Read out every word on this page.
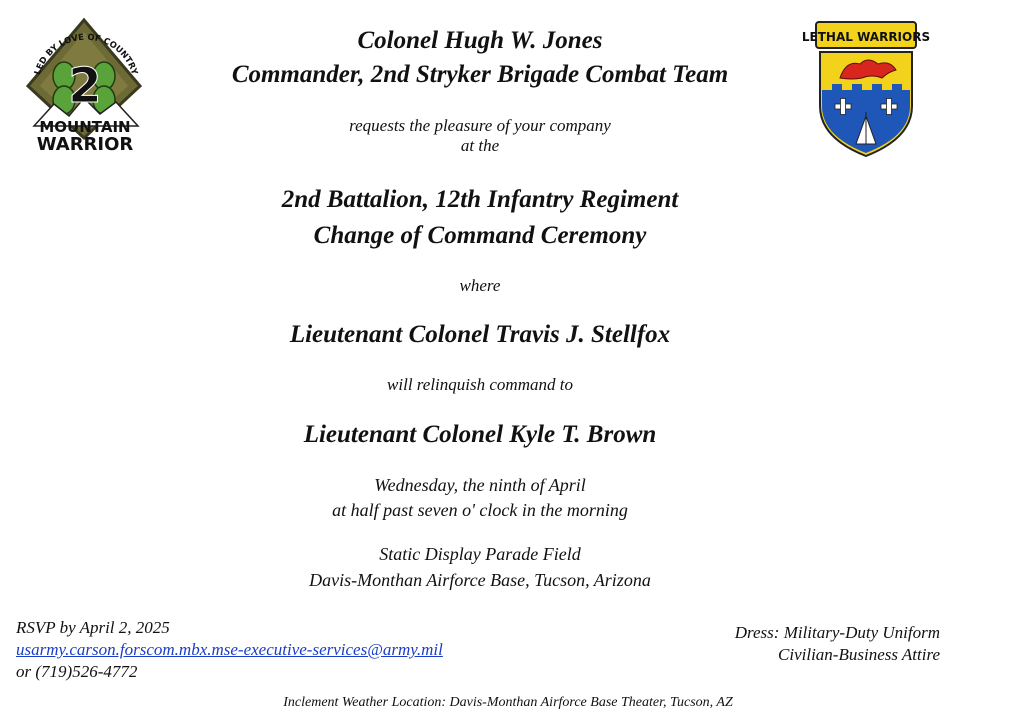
LED BY LOVE OF COUNTRY
2
MOUNTAIN
WARRIOR
LETHAL WARRIORS
Colonel Hugh W. Jones
Commander, 2nd Stryker Brigade Combat Team
requests the pleasure of your company
at the
2nd Battalion, 12th Infantry Regiment
Change of Command Ceremony
where
Lieutenant Colonel Travis J. Stellfox
will relinquish command to
Lieutenant Colonel Kyle T. Brown
Wednesday, the ninth of April
at half past seven o' clock in the morning
Static Display Parade Field
Davis-Monthan Airforce Base, Tucson, Arizona
RSVP by April 2, 2025
usarmy.carson.forscom.mbx.mse-executive-services@army.mil
or (719)526-4772
Dress: Military-Duty Uniform
Civilian-Business Attire
Inclement Weather Location: Davis-Monthan Airforce Base Theater, Tucson, AZ
